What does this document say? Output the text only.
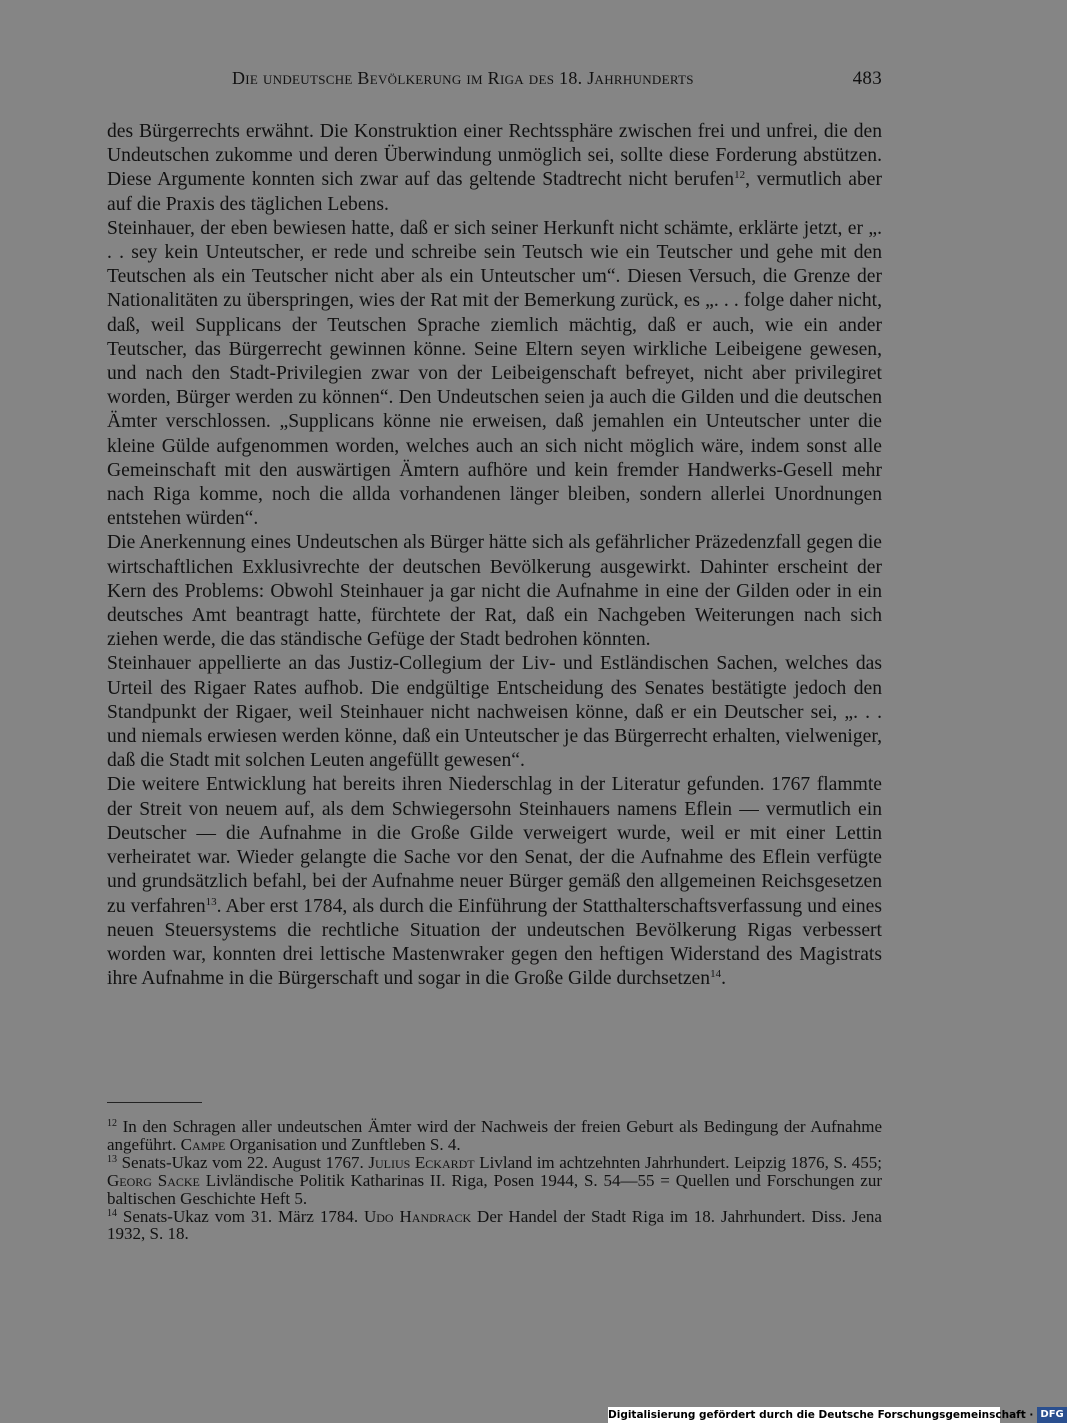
Die undeutsche Bevölkerung im Riga des 18. Jahrhunderts	483

des Bürgerrechts erwähnt. Die Konstruktion einer Rechtssphäre zwischen frei und unfrei, die den Undeutschen zukomme und deren Überwindung unmöglich sei, sollte diese Forderung abstützen. Diese Argumente konnten sich zwar auf das geltende Stadtrecht nicht berufen$^{12}$, vermutlich aber auf die Praxis des täglichen Lebens.

Steinhauer, der eben bewiesen hatte, daß er sich seiner Herkunft nicht schämte, erklärte jetzt, er „. . . sey kein Unteutscher, er rede und schreibe sein Teutsch wie ein Teutscher und gehe mit den Teutschen als ein Teutscher nicht aber als ein Unteutscher um“. Diesen Versuch, die Grenze der Nationalitäten zu überspringen, wies der Rat mit der Bemerkung zurück, es „. . . folge daher nicht, daß, weil Supplicans der Teutschen Sprache ziemlich mächtig, daß er auch, wie ein ander Teutscher, das Bürgerrecht gewinnen könne. Seine Eltern seyen wirkliche Leibeigene gewesen, und nach den Stadt-Privilegien zwar von der Leibeigenschaft befreyet, nicht aber privilegiret worden, Bürger werden zu können“. Den Undeutschen seien ja auch die Gilden und die deutschen Ämter verschlossen. „Supplicans könne nie erweisen, daß jemahlen ein Unteutscher unter die kleine Gülde aufgenommen worden, welches auch an sich nicht möglich wäre, indem sonst alle Gemeinschaft mit den auswärtigen Ämtern aufhöre und kein fremder Handwerks-Gesell mehr nach Riga komme, noch die allda vorhandenen länger bleiben, sondern allerlei Unordnungen entstehen würden“.

Die Anerkennung eines Undeutschen als Bürger hätte sich als gefährlicher Präzedenzfall gegen die wirtschaftlichen Exklusivrechte der deutschen Bevölkerung ausgewirkt. Dahinter erscheint der Kern des Problems: Obwohl Steinhauer ja gar nicht die Aufnahme in eine der Gilden oder in ein deutsches Amt beantragt hatte, fürchtete der Rat, daß ein Nachgeben Weiterungen nach sich ziehen werde, die das ständische Gefüge der Stadt bedrohen könnten.

Steinhauer appellierte an das Justiz-Collegium der Liv- und Estländischen Sachen, welches das Urteil des Rigaer Rates aufhob. Die endgültige Entscheidung des Senates bestätigte jedoch den Standpunkt der Rigaer, weil Steinhauer nicht nachweisen könne, daß er ein Deutscher sei, „. . . und niemals erwiesen werden könne, daß ein Unteutscher je das Bürgerrecht erhalten, vielweniger, daß die Stadt mit solchen Leuten angefüllt gewesen“.

Die weitere Entwicklung hat bereits ihren Niederschlag in der Literatur gefunden. 1767 flammte der Streit von neuem auf, als dem Schwiegersohn Steinhauers namens Eflein — vermutlich ein Deutscher — die Aufnahme in die Große Gilde verweigert wurde, weil er mit einer Lettin verheiratet war. Wieder gelangte die Sache vor den Senat, der die Aufnahme des Eflein verfügte und grundsätzlich befahl, bei der Aufnahme neuer Bürger gemäß den allgemeinen Reichsgesetzen zu verfahren$^{13}$. Aber erst 1784, als durch die Einführung der Statthalterschaftsverfassung und eines neuen Steuersystems die rechtliche Situation der undeutschen Bevölkerung Rigas verbessert worden war, konnten drei lettische Mastenwraker gegen den heftigen Widerstand des Magistrats ihre Aufnahme in die Bürgerschaft und sogar in die Große Gilde durchsetzen$^{14}$.

$^{12}$ In den Schragen aller undeutschen Ämter wird der Nachweis der freien Geburt als Bedingung der Aufnahme angeführt. Campe Organisation und Zunftleben S. 4.

$^{13}$ Senats-Ukaz vom 22. August 1767. Julius Eckardt Livland im achtzehnten Jahrhundert. Leipzig 1876, S. 455; Georg Sacke Livländische Politik Katharinas II. Riga, Posen 1944, S. 54—55 = Quellen und Forschungen zur baltischen Geschichte Heft 5.

$^{14}$ Senats-Ukaz vom 31. März 1784. Udo Handrack Der Handel der Stadt Riga im 18. Jahrhundert. Diss. Jena 1932, S. 18.

Digitalisierung gefördert durch die Deutsche Forschungsgemeinschaft · DFG
